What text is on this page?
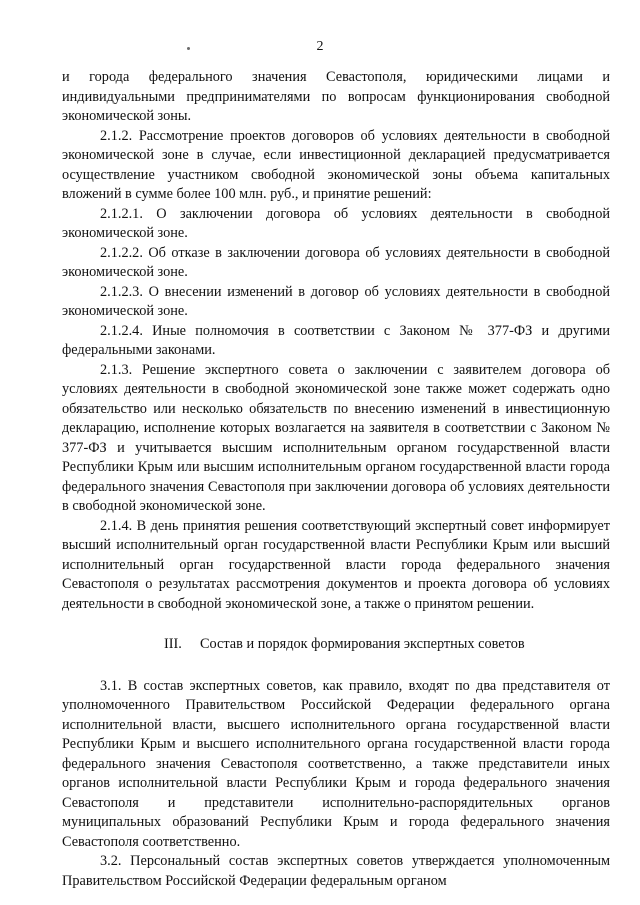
2

и города федерального значения Севастополя, юридическими лицами и индивидуальными предпринимателями по вопросам функционирования свободной экономической зоны.

2.1.2. Рассмотрение проектов договоров об условиях деятельности в свободной экономической зоне в случае, если инвестиционной декларацией предусматривается осуществление участником свободной экономической зоны объема капитальных вложений в сумме более 100 млн. руб., и принятие решений:

2.1.2.1. О заключении договора об условиях деятельности в свободной экономической зоне.

2.1.2.2. Об отказе в заключении договора об условиях деятельности в свободной экономической зоне.

2.1.2.3. О внесении изменений в договор об условиях деятельности в свободной экономической зоне.

2.1.2.4. Иные полномочия в соответствии с Законом № 377-ФЗ и другими федеральными законами.

2.1.3. Решение экспертного совета о заключении с заявителем договора об условиях деятельности в свободной экономической зоне также может содержать одно обязательство или несколько обязательств по внесению изменений в инвестиционную декларацию, исполнение которых возлагается на заявителя в соответствии с Законом № 377-ФЗ и учитывается высшим исполнительным органом государственной власти Республики Крым или высшим исполнительным органом государственной власти города федерального значения Севастополя при заключении договора об условиях деятельности в свободной экономической зоне.

2.1.4. В день принятия решения соответствующий экспертный совет информирует высший исполнительный орган государственной власти Республики Крым или высший исполнительный орган государственной власти города федерального значения Севастополя о результатах рассмотрения документов и проекта договора об условиях деятельности в свободной экономической зоне, а также о принятом решении.

III. Состав и порядок формирования экспертных советов

3.1. В состав экспертных советов, как правило, входят по два представителя от уполномоченного Правительством Российской Федерации федерального органа исполнительной власти, высшего исполнительного органа государственной власти Республики Крым и высшего исполнительного органа государственной власти города федерального значения Севастополя соответственно, а также представители иных органов исполнительной власти Республики Крым и города федерального значения Севастополя и представители исполнительно-распорядительных органов муниципальных образований Республики Крым и города федерального значения Севастополя соответственно.

3.2. Персональный состав экспертных советов утверждается уполномоченным Правительством Российской Федерации федеральным органом
